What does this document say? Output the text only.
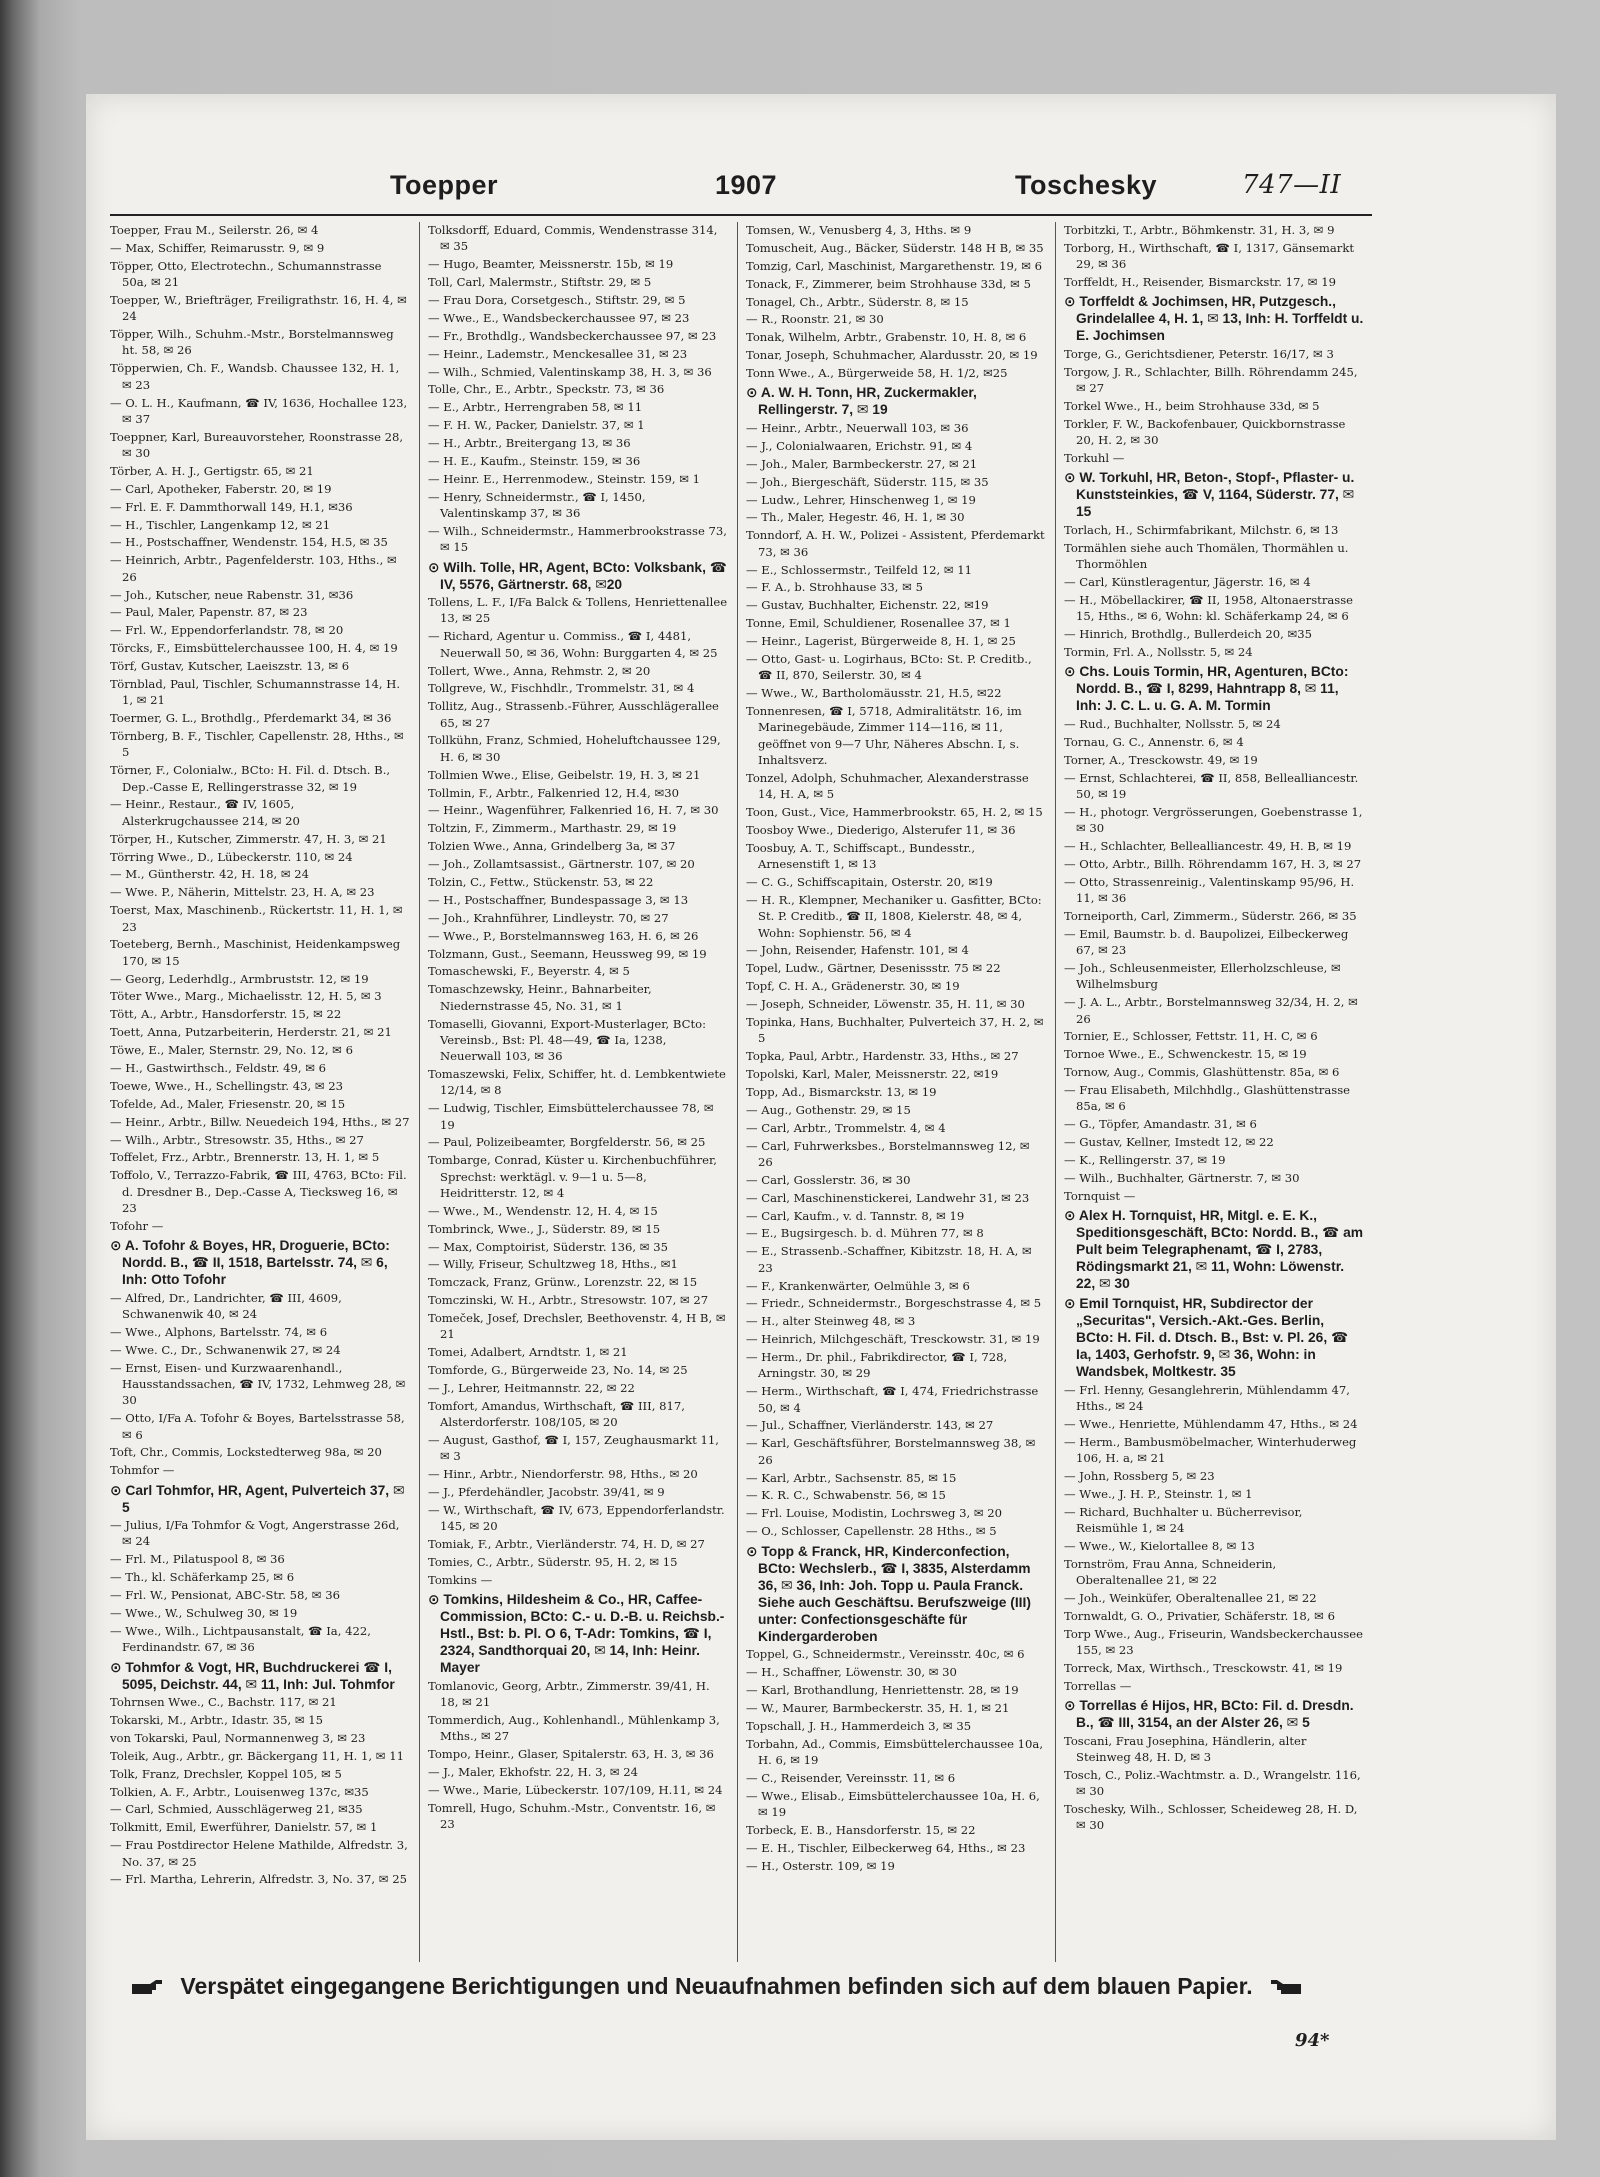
Toepper	1907	Toschesky	747—II
Toepper, Frau M., Seilerstr. 26, ✉ 4
— Max, Schiffer, Reimarusstr. 9, ✉ 9
Töpper, Otto, Electrotechn., Schumannstrasse 50a, ✉ 21
Toepper, W., Briefträger, Freiligrathstr. 16, H. 4, ✉ 24
Töpper, Wilh., Schuhm.-Mstr., Borstelmannsweg ht. 58, ✉ 26
Töpperwien, Ch. F., Wandsb. Chaussee 132, H. 1, ✉ 23
— O. L. H., Kaufmann, ☎ IV, 1636, Hochallee 123, ✉ 37
Toeppner, Karl, Bureauvorsteher, Roonstrasse 28, ✉ 30
Törber, A. H. J., Gertigstr. 65, ✉ 21
— Carl, Apotheker, Faberstr. 20, ✉ 19
— Frl. E. F. Dammthorwall 149, H.1, ✉36
— H., Tischler, Langenkamp 12, ✉ 21
— H., Postschaffner, Wendenstr. 154, H.5, ✉ 35
— Heinrich, Arbtr., Pagenfelderstr. 103, Hths., ✉ 26
— Joh., Kutscher, neue Rabenstr. 31, ✉36
— Paul, Maler, Papenstr. 87, ✉ 23
— Frl. W., Eppendorferlandstr. 78, ✉ 20
Törcks, F., Eimsbüttelerchaussee 100, H. 4, ✉ 19
Törf, Gustav, Kutscher, Laeiszstr. 13, ✉ 6
Törnblad, Paul, Tischler, Schumannstrasse 14, H. 1, ✉ 21
Toermer, G. L., Brothdlg., Pferdemarkt 34, ✉ 36
Törnberg, B. F., Tischler, Capellenstr. 28, Hths., ✉ 5
Törner, F., Colonialw., BCto: H. Fil. d. Dtsch. B., Dep.-Casse E, Rellingerstrasse 32, ✉ 19
— Heinr., Restaur., ☎ IV, 1605, Alsterkrugchaussee 214, ✉ 20
Törper, H., Kutscher, Zimmerstr. 47, H. 3, ✉ 21
Törring Wwe., D., Lübeckerstr. 110, ✉ 24
— M., Güntherstr. 42, H. 18, ✉ 24
— Wwe. P., Näherin, Mittelstr. 23, H. A, ✉ 23
Toerst, Max, Maschinenb., Rückertstr. 11, H. 1, ✉ 23
Toeteberg, Bernh., Maschinist, Heidenkampsweg 170, ✉ 15
— Georg, Lederhdlg., Armbruststr. 12, ✉ 19
Töter Wwe., Marg., Michaelisstr. 12, H. 5, ✉ 3
Tött, A., Arbtr., Hansdorferstr. 15, ✉ 22
Toett, Anna, Putzarbeiterin, Herderstr. 21, ✉ 21
Töwe, E., Maler, Sternstr. 29, No. 12, ✉ 6
— H., Gastwirthsch., Feldstr. 49, ✉ 6
Toewe, Wwe., H., Schellingstr. 43, ✉ 23
Tofelde, Ad., Maler, Friesenstr. 20, ✉ 15
— Heinr., Arbtr., Billw. Neuedeich 194, Hths., ✉ 27
— Wilh., Arbtr., Stresowstr. 35, Hths., ✉ 27
Toffelet, Frz., Arbtr., Brennerstr. 13, H. 1, ✉ 5
Toffolo, V., Terrazzo-Fabrik, ☎ III, 4763, BCto: Fil. d. Dresdner B., Dep.-Casse A, Tiecksweg 16, ✉ 23
Tofohr —
⊙ A. Tofohr & Boyes, HR, Droguerie, BCto: Nordd. B., ☎ II, 1518, Bartelsstr. 74, ✉ 6, Inh: Otto Tofohr
— Alfred, Dr., Landrichter, ☎ III, 4609, Schwanenwik 40, ✉ 24
— Wwe., Alphons, Bartelsstr. 74, ✉ 6
— Wwe. C., Dr., Schwanenwik 27, ✉ 24
— Ernst, Eisen- und Kurzwaarenhandl., Hausstandssachen, ☎ IV, 1732, Lehmweg 28, ✉ 30
— Otto, I/Fa A. Tofohr & Boyes, Bartelsstrasse 58, ✉ 6
Toft, Chr., Commis, Lockstedterweg 98a, ✉ 20
Tohmfor —
⊙ Carl Tohmfor, HR, Agent, Pulverteich 37, ✉ 5
— Julius, I/Fa Tohmfor & Vogt, Angerstrasse 26d, ✉ 24
— Frl. M., Pilatuspool 8, ✉ 36
— Th., kl. Schäferkamp 25, ✉ 6
— Frl. W., Pensionat, ABC-Str. 58, ✉ 36
— Wwe., W., Schulweg 30, ✉ 19
— Wwe., Wilh., Lichtpausanstalt, ☎ Ia, 422, Ferdinandstr. 67, ✉ 36
⊙ Tohmfor & Vogt, HR, Buchdruckerei ☎ I, 5095, Deichstr. 44, ✉ 11, Inh: Jul. Tohmfor
Tohrnsen Wwe., C., Bachstr. 117, ✉ 21
Tokarski, M., Arbtr., Idastr. 35, ✉ 15
von Tokarski, Paul, Normannenweg 3, ✉ 23
Toleik, Aug., Arbtr., gr. Bäckergang 11, H. 1, ✉ 11
Tolk, Franz, Drechsler, Koppel 105, ✉ 5
Tolkien, A. F., Arbtr., Louisenweg 137c, ✉35
— Carl, Schmied, Ausschlägerweg 21, ✉35
Tolkmitt, Emil, Ewerführer, Danielstr. 57, ✉ 1
— Frau Postdirector Helene Mathilde, Alfredstr. 3, No. 37, ✉ 25
— Frl. Martha, Lehrerin, Alfredstr. 3, No. 37, ✉ 25
Tolksdorff, Eduard, Commis, Wendenstrasse 314, ✉ 35
— Hugo, Beamter, Meissnerstr. 15b, ✉ 19
Toll, Carl, Malermstr., Stiftstr. 29, ✉ 5
— Frau Dora, Corsetgesch., Stiftstr. 29, ✉ 5
— Wwe., E., Wandsbeckerchaussee 97, ✉ 23
— Fr., Brothdlg., Wandsbeckerchaussee 97, ✉ 23
— Heinr., Lademstr., Menckesallee 31, ✉ 23
— Wilh., Schmied, Valentinskamp 38, H. 3, ✉ 36
Tolle, Chr., E., Arbtr., Speckstr. 73, ✉ 36
— E., Arbtr., Herrengraben 58, ✉ 11
— F. H. W., Packer, Danielstr. 37, ✉ 1
— H., Arbtr., Breitergang 13, ✉ 36
— H. E., Kaufm., Steinstr. 159, ✉ 36
— Heinr. E., Herrenmodew., Steinstr. 159, ✉ 1
— Henry, Schneidermstr., ☎ I, 1450, Valentinskamp 37, ✉ 36
— Wilh., Schneidermstr., Hammerbrookstrasse 73, ✉ 15
⊙ Wilh. Tolle, HR, Agent, BCto: Volksbank, ☎ IV, 5576, Gärtnerstr. 68, ✉20
Tollens, L. F., I/Fa Balck & Tollens, Henriettenallee 13, ✉ 25
— Richard, Agentur u. Commiss., ☎ I, 4481, Neuerwall 50, ✉ 36, Wohn: Burggarten 4, ✉ 25
Tollert, Wwe., Anna, Rehmstr. 2, ✉ 20
Tollgreve, W., Fischhdlr., Trommelstr. 31, ✉ 4
Tollitz, Aug., Strassenb.-Führer, Ausschlägerallee 65, ✉ 27
Tollkühn, Franz, Schmied, Hoheluftchaussee 129, H. 6, ✉ 30
Tollmien Wwe., Elise, Geibelstr. 19, H. 3, ✉ 21
Tollmin, F., Arbtr., Falkenried 12, H.4, ✉30
— Heinr., Wagenführer, Falkenried 16, H. 7, ✉ 30
Toltzin, F., Zimmerm., Marthastr. 29, ✉ 19
Tolzien Wwe., Anna, Grindelberg 3a, ✉ 37
— Joh., Zollamtsassist., Gärtnerstr. 107, ✉ 20
Tolzin, C., Fettw., Stückenstr. 53, ✉ 22
— H., Postschaffner, Bundespassage 3, ✉ 13
— Joh., Krahnführer, Lindleystr. 70, ✉ 27
— Wwe., P., Borstelmannsweg 163, H. 6, ✉ 26
Tolzmann, Gust., Seemann, Heussweg 99, ✉ 19
Tomaschewski, F., Beyerstr. 4, ✉ 5
Tomaschzewsky, Heinr., Bahnarbeiter, Niedernstrasse 45, No. 31, ✉ 1
Tomaselli, Giovanni, Export-Musterlager, BCto: Vereinsb., Bst: Pl. 48—49, ☎ Ia, 1238, Neuerwall 103, ✉ 36
Tomaszewski, Felix, Schiffer, ht. d. Lembkentwiete 12/14, ✉ 8
— Ludwig, Tischler, Eimsbüttelerchaussee 78, ✉ 19
— Paul, Polizeibeamter, Borgfelderstr. 56, ✉ 25
Tombarge, Conrad, Küster u. Kirchenbuchführer, Sprechst: werktägl. v. 9—1 u. 5—8, Heidritterstr. 12, ✉ 4
— Wwe., M., Wendenstr. 12, H. 4, ✉ 15
Tombrinck, Wwe., J., Süderstr. 89, ✉ 15
— Max, Comptoirist, Süderstr. 136, ✉ 35
— Willy, Friseur, Schultzweg 18, Hths., ✉1
Tomczack, Franz, Grünw., Lorenzstr. 22, ✉ 15
Tomczinski, W. H., Arbtr., Stresowstr. 107, ✉ 27
Tomeček, Josef, Drechsler, Beethovenstr. 4, H B, ✉ 21
Tomei, Adalbert, Arndtstr. 1, ✉ 21
Tomforde, G., Bürgerweide 23, No. 14, ✉ 25
— J., Lehrer, Heitmannstr. 22, ✉ 22
Tomfort, Amandus, Wirthschaft, ☎ III, 817, Alsterdorferstr. 108/105, ✉ 20
— August, Gasthof, ☎ I, 157, Zeughausmarkt 11, ✉ 3
— Hinr., Arbtr., Niendorferstr. 98, Hths., ✉ 20
— J., Pferdehändler, Jacobstr. 39/41, ✉ 9
— W., Wirthschaft, ☎ IV, 673, Eppendorferlandstr. 145, ✉ 20
Tomiak, F., Arbtr., Vierländerstr. 74, H. D, ✉ 27
Tomies, C., Arbtr., Süderstr. 95, H. 2, ✉ 15
Tomkins —
⊙ Tomkins, Hildesheim & Co., HR, Caffee-Commission, BCto: C.- u. D.-B. u. Reichsb.-Hstl., Bst: b. Pl. O 6, T-Adr: Tomkins, ☎ I, 2324, Sandthorquai 20, ✉ 14, Inh: Heinr. Mayer
Tomlanovic, Georg, Arbtr., Zimmerstr. 39/41, H. 18, ✉ 21
Tommerdich, Aug., Kohlenhandl., Mühlenkamp 3, Mths., ✉ 27
Tompo, Heinr., Glaser, Spitalerstr. 63, H. 3, ✉ 36
— J., Maler, Ekhofstr. 22, H. 3, ✉ 24
— Wwe., Marie, Lübeckerstr. 107/109, H.11, ✉ 24
Tomrell, Hugo, Schuhm.-Mstr., Conventstr. 16, ✉ 23
Tomsen, W., Venusberg 4, 3, Hths. ✉ 9
Tomuscheit, Aug., Bäcker, Süderstr. 148 H B, ✉ 35
Tomzig, Carl, Maschinist, Margarethenstr. 19, ✉ 6
Tonack, F., Zimmerer, beim Strohhause 33d, ✉ 5
Tonagel, Ch., Arbtr., Süderstr. 8, ✉ 15
— R., Roonstr. 21, ✉ 30
Tonak, Wilhelm, Arbtr., Grabenstr. 10, H. 8, ✉ 6
Tonar, Joseph, Schuhmacher, Alardusstr. 20, ✉ 19
Tonn Wwe., A., Bürgerweide 58, H. 1/2, ✉25
⊙ A. W. H. Tonn, HR, Zuckermakler, Rellingerstr. 7, ✉ 19
— Heinr., Arbtr., Neuerwall 103, ✉ 36
— J., Colonialwaaren, Erichstr. 91, ✉ 4
— Joh., Maler, Barmbeckerstr. 27, ✉ 21
— Joh., Biergeschäft, Süderstr. 115, ✉ 35
— Ludw., Lehrer, Hinschenweg 1, ✉ 19
— Th., Maler, Hegestr. 46, H. 1, ✉ 30
Tonndorf, A. H. W., Polizei - Assistent, Pferdemarkt 73, ✉ 36
— E., Schlossermstr., Teilfeld 12, ✉ 11
— F. A., b. Strohhause 33, ✉ 5
— Gustav, Buchhalter, Eichenstr. 22, ✉19
Tonne, Emil, Schuldiener, Rosenallee 37, ✉ 1
— Heinr., Lagerist, Bürgerweide 8, H. 1, ✉ 25
— Otto, Gast- u. Logirhaus, BCto: St. P. Creditb., ☎ II, 870, Seilerstr. 30, ✉ 4
— Wwe., W., Bartholomäusstr. 21, H.5, ✉22
Tonnenresen, ☎ I, 5718, Admiralitätstr. 16, im Marinegebäude, Zimmer 114—116, ✉ 11, geöffnet von 9—7 Uhr, Näheres Abschn. I, s. Inhaltsverz.
Tonzel, Adolph, Schuhmacher, Alexanderstrasse 14, H. A, ✉ 5
Toon, Gust., Vice, Hammerbrookstr. 65, H. 2, ✉ 15
Toosboy Wwe., Diederigo, Alsterufer 11, ✉ 36
Toosbuy, A. T., Schiffscapt., Bundesstr., Arnesenstift 1, ✉ 13
— C. G., Schiffscapitain, Osterstr. 20, ✉19
— H. R., Klempner, Mechaniker u. Gasfitter, BCto: St. P. Creditb., ☎ II, 1808, Kielerstr. 48, ✉ 4, Wohn: Sophienstr. 56, ✉ 4
— John, Reisender, Hafenstr. 101, ✉ 4
Topel, Ludw., Gärtner, Desenissstr. 75 ✉ 22
Topf, C. H. A., Grädenerstr. 30, ✉ 19
— Joseph, Schneider, Löwenstr. 35, H. 11, ✉ 30
Topinka, Hans, Buchhalter, Pulverteich 37, H. 2, ✉ 5
Topka, Paul, Arbtr., Hardenstr. 33, Hths., ✉ 27
Topolski, Karl, Maler, Meissnerstr. 22, ✉19
Topp, Ad., Bismarckstr. 13, ✉ 19
— Aug., Gothenstr. 29, ✉ 15
— Carl, Arbtr., Trommelstr. 4, ✉ 4
— Carl, Fuhrwerksbes., Borstelmannsweg 12, ✉ 26
— Carl, Gosslerstr. 36, ✉ 30
— Carl, Maschinenstickerei, Landwehr 31, ✉ 23
— Carl, Kaufm., v. d. Tannstr. 8, ✉ 19
— E., Bugsirgesch. b. d. Mühren 77, ✉ 8
— E., Strassenb.-Schaffner, Kibitzstr. 18, H. A, ✉ 23
— F., Krankenwärter, Oelmühle 3, ✉ 6
— Friedr., Schneidermstr., Borgeschstrasse 4, ✉ 5
— H., alter Steinweg 48, ✉ 3
— Heinrich, Milchgeschäft, Tresckowstr. 31, ✉ 19
— Herm., Dr. phil., Fabrikdirector, ☎ I, 728, Arningstr. 30, ✉ 29
— Herm., Wirthschaft, ☎ I, 474, Friedrichstrasse 50, ✉ 4
— Jul., Schaffner, Vierländerstr. 143, ✉ 27
— Karl, Geschäftsführer, Borstelmannsweg 38, ✉ 26
— Karl, Arbtr., Sachsenstr. 85, ✉ 15
— K. R. C., Schwabenstr. 56, ✉ 15
— Frl. Louise, Modistin, Lochrsweg 3, ✉ 20
— O., Schlosser, Capellenstr. 28 Hths., ✉ 5
⊙ Topp & Franck, HR, Kinderconfection, BCto: Wechslerb., ☎ I, 3835, Alsterdamm 36, ✉ 36, Inh: Joh. Topp u. Paula Franck. Siehe auch Geschäftsu. Berufszweige (III) unter: Confectionsgeschäfte für Kindergarderoben
Toppel, G., Schneidermstr., Vereinsstr. 40c, ✉ 6
— H., Schaffner, Löwenstr. 30, ✉ 30
— Karl, Brothandlung, Henriettenstr. 28, ✉ 19
— W., Maurer, Barmbeckerstr. 35, H. 1, ✉ 21
Topschall, J. H., Hammerdeich 3, ✉ 35
Torbahn, Ad., Commis, Eimsbüttelerchaussee 10a, H. 6, ✉ 19
— C., Reisender, Vereinsstr. 11, ✉ 6
— Wwe., Elisab., Eimsbüttelerchaussee 10a, H. 6, ✉ 19
Torbeck, E. B., Hansdorferstr. 15, ✉ 22
— E. H., Tischler, Eilbeckerweg 64, Hths., ✉ 23
— H., Osterstr. 109, ✉ 19
Torbitzki, T., Arbtr., Böhmkenstr. 31, H. 3, ✉ 9
Torborg, H., Wirthschaft, ☎ I, 1317, Gänsemarkt 29, ✉ 36
Torffeldt, H., Reisender, Bismarckstr. 17, ✉ 19
⊙ Torffeldt & Jochimsen, HR, Putzgesch., Grindelallee 4, H. 1, ✉ 13, Inh: H. Torffeldt u. E. Jochimsen
Torge, G., Gerichtsdiener, Peterstr. 16/17, ✉ 3
Torgow, J. R., Schlachter, Billh. Röhrendamm 245, ✉ 27
Torkel Wwe., H., beim Strohhause 33d, ✉ 5
Torkler, F. W., Backofenbauer, Quickbornstrasse 20, H. 2, ✉ 30
Torkuhl —
⊙ W. Torkuhl, HR, Beton-, Stopf-, Pflaster- u. Kunststeinkies, ☎ V, 1164, Süderstr. 77, ✉ 15
Torlach, H., Schirmfabrikant, Milchstr. 6, ✉ 13
Tormählen siehe auch Thomälen, Thormählen u. Thormöhlen
— Carl, Künstleragentur, Jägerstr. 16, ✉ 4
— H., Möbellackirer, ☎ II, 1958, Altonaerstrasse 15, Hths., ✉ 6, Wohn: kl. Schäferkamp 24, ✉ 6
— Hinrich, Brothdlg., Bullerdeich 20, ✉35
Tormin, Frl. A., Nollsstr. 5, ✉ 24
⊙ Chs. Louis Tormin, HR, Agenturen, BCto: Nordd. B., ☎ I, 8299, Hahntrapp 8, ✉ 11, Inh: J. C. L. u. G. A. M. Tormin
— Rud., Buchhalter, Nollsstr. 5, ✉ 24
Tornau, G. C., Annenstr. 6, ✉ 4
Torner, A., Tresckowstr. 49, ✉ 19
— Ernst, Schlachterei, ☎ II, 858, Bellealliancestr. 50, ✉ 19
— H., photogr. Vergrösserungen, Goebenstrasse 1, ✉ 30
— H., Schlachter, Bellealliancestr. 49, H. B, ✉ 19
— Otto, Arbtr., Billh. Röhrendamm 167, H. 3, ✉ 27
— Otto, Strassenreinig., Valentinskamp 95/96, H. 11, ✉ 36
Torneiporth, Carl, Zimmerm., Süderstr. 266, ✉ 35
— Emil, Baumstr. b. d. Baupolizei, Eilbeckerweg 67, ✉ 23
— Joh., Schleusenmeister, Ellerholzschleuse, ✉ Wilhelmsburg
— J. A. L., Arbtr., Borstelmannsweg 32/34, H. 2, ✉ 26
Tornier, E., Schlosser, Fettstr. 11, H. C, ✉ 6
Tornoe Wwe., E., Schwenckestr. 15, ✉ 19
Tornow, Aug., Commis, Glashüttenstr. 85a, ✉ 6
— Frau Elisabeth, Milchhdlg., Glashüttenstrasse 85a, ✉ 6
— G., Töpfer, Amandastr. 31, ✉ 6
— Gustav, Kellner, Imstedt 12, ✉ 22
— K., Rellingerstr. 37, ✉ 19
— Wilh., Buchhalter, Gärtnerstr. 7, ✉ 30
Tornquist —
⊙ Alex H. Tornquist, HR, Mitgl. e. E. K., Speditionsgeschäft, BCto: Nordd. B., ☎ am Pult beim Telegraphenamt, ☎ I, 2783, Rödingsmarkt 21, ✉ 11, Wohn: Löwenstr. 22, ✉ 30
⊙ Emil Tornquist, HR, Subdirector der „Securitas", Versich.-Akt.-Ges. Berlin, BCto: H. Fil. d. Dtsch. B., Bst: v. Pl. 26, ☎ Ia, 1403, Gerhofstr. 9, ✉ 36, Wohn: in Wandsbek, Moltkestr. 35
— Frl. Henny, Gesanglehrerin, Mühlendamm 47, Hths., ✉ 24
— Wwe., Henriette, Mühlendamm 47, Hths., ✉ 24
— Herm., Bambusmöbelmacher, Winterhuderweg 106, H. a, ✉ 21
— John, Rossberg 5, ✉ 23
— Wwe., J. H. P., Steinstr. 1, ✉ 1
— Richard, Buchhalter u. Bücherrevisor, Reismühle 1, ✉ 24
— Wwe., W., Kielortallee 8, ✉ 13
Tornström, Frau Anna, Schneiderin, Oberaltenallee 21, ✉ 22
— Joh., Weinküfer, Oberaltenallee 21, ✉ 22
Tornwaldt, G. O., Privatier, Schäferstr. 18, ✉ 6
Torp Wwe., Aug., Friseurin, Wandsbeckerchaussee 155, ✉ 23
Torreck, Max, Wirthsch., Tresckowstr. 41, ✉ 19
Torrellas —
⊙ Torrellas é Hijos, HR, BCto: Fil. d. Dresdn. B., ☎ III, 3154, an der Alster 26, ✉ 5
Toscani, Frau Josephina, Händlerin, alter Steinweg 48, H. D, ✉ 3
Tosch, C., Poliz.-Wachtmstr. a. D., Wrangelstr. 116, ✉ 30
Toschesky, Wilh., Schlosser, Scheideweg 28, H. D, ✉ 30
Verspätet eingegangene Berichtigungen und Neuaufnahmen befinden sich auf dem blauen Papier.
94*
